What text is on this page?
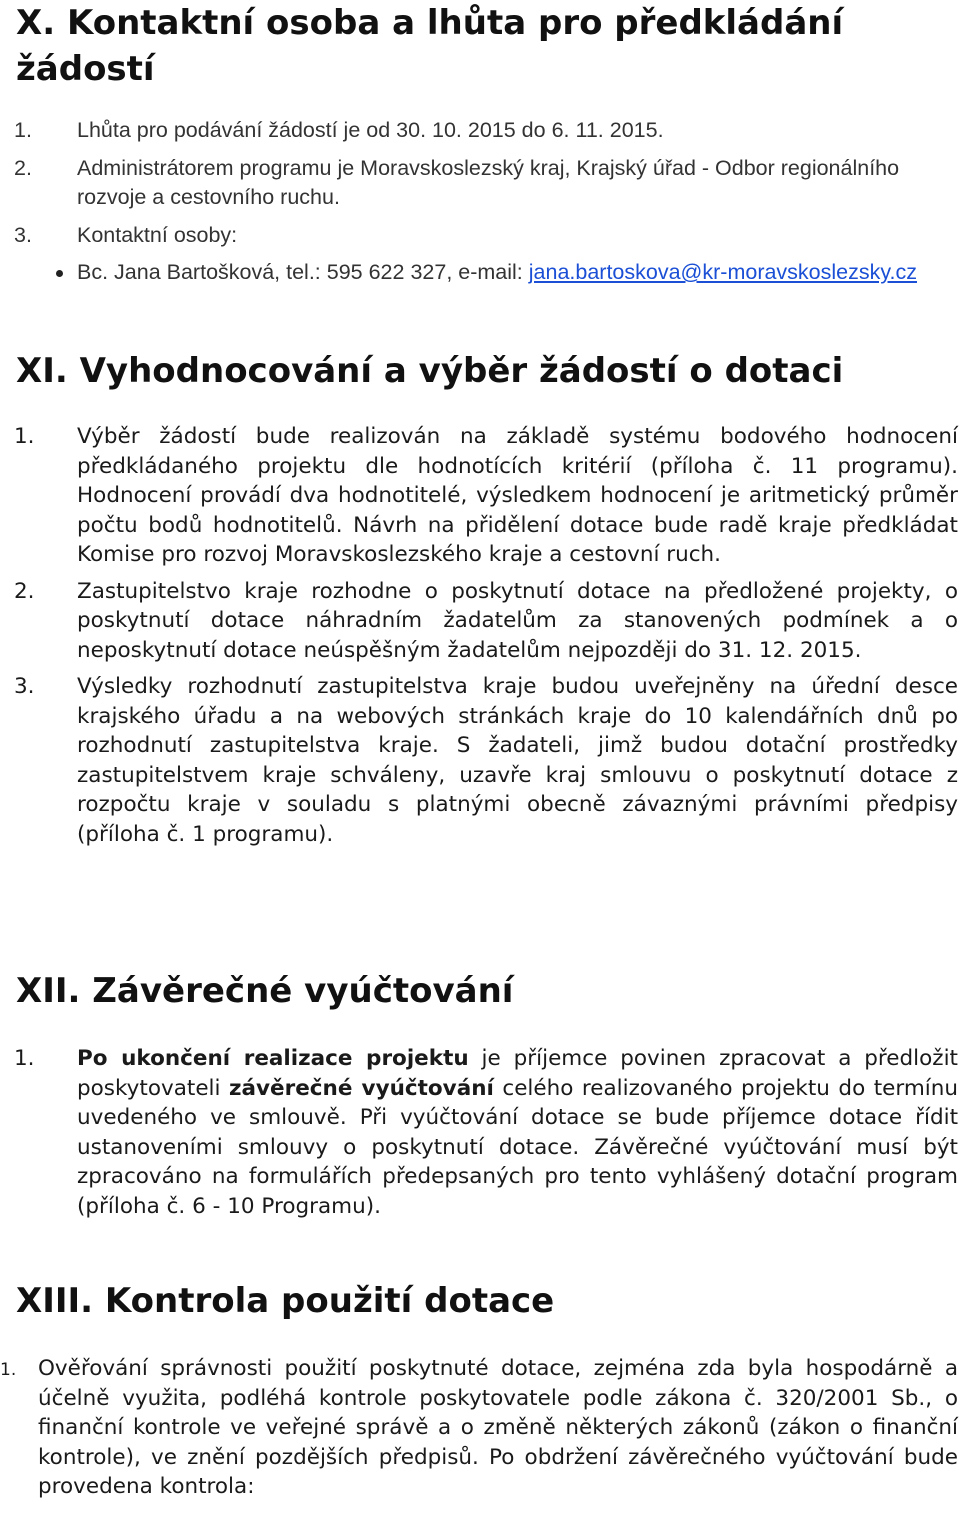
X. Kontaktní osoba a lhůta pro předkládání žádostí
1. Lhůta pro podávání žádostí je od 30. 10. 2015 do 6. 11. 2015.
2. Administrátorem programu je Moravskoslezský kraj, Krajský úřad - Odbor regionálního rozvoje a cestovního ruchu.
3. Kontaktní osoby:
Bc. Jana Bartošková, tel.: 595 622 327, e-mail: jana.bartoskova@kr-moravskoslezsky.cz
XI. Vyhodnocování a výběr žádostí o dotaci
1. Výběr žádostí bude realizován na základě systému bodového hodnocení předkládaného projektu dle hodnotících kritérií (příloha č. 11 programu). Hodnocení provádí dva hodnotitelé, výsledkem hodnocení je aritmetický průměr počtu bodů hodnotitelů. Návrh na přidělení dotace bude radě kraje předkládat Komise pro rozvoj Moravskoslezského kraje a cestovní ruch.
2. Zastupitelstvo kraje rozhodne o poskytnutí dotace na předložené projekty, o poskytnutí dotace náhradním žadatelům za stanovených podmínek a o neposkytnutí dotace neúspěšným žadatelům nejpozději do 31. 12. 2015.
3. Výsledky rozhodnutí zastupitelstva kraje budou uveřejněny na úřední desce krajského úřadu a na webových stránkách kraje do 10 kalendářních dnů po rozhodnutí zastupitelstva kraje. S žadateli, jimž budou dotační prostředky zastupitelstvem kraje schváleny, uzavře kraj smlouvu o poskytnutí dotace z rozpočtu kraje v souladu s platnými obecně závaznými právními předpisy (příloha č. 1 programu).
XII. Závěrečné vyúčtování
1. Po ukončení realizace projektu je příjemce povinen zpracovat a předložit poskytovateli závěrečné vyúčtování celého realizovaného projektu do termínu uvedeného ve smlouvě. Při vyúčtování dotace se bude příjemce dotace řídit ustanoveními smlouvy o poskytnutí dotace. Závěrečné vyúčtování musí být zpracováno na formulářích předepsaných pro tento vyhlášený dotační program (příloha č. 6 - 10 Programu).
XIII. Kontrola použití dotace
1. Ověřování správnosti použití poskytnuté dotace, zejména zda byla hospodárně a účelně využita, podléhá kontrole poskytovatele podle zákona č. 320/2001 Sb., o finanční kontrole ve veřejné správě a o změně některých zákonů (zákon o finanční kontrole), ve znění pozdějších předpisů. Po obdržení závěrečného vyúčtování bude provedena kontrola:
